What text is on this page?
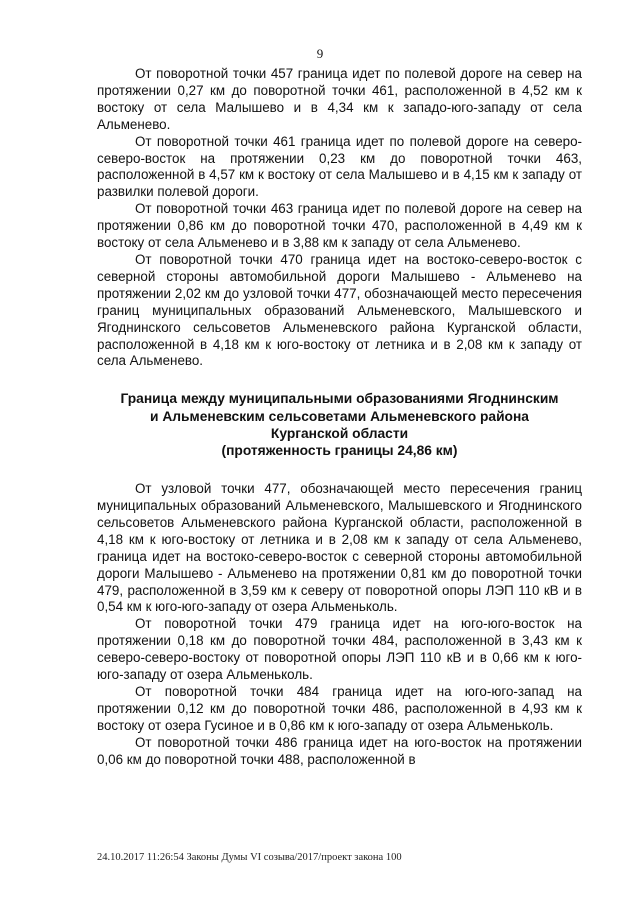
9

От поворотной точки 457 граница идет по полевой дороге на север на протяжении 0,27 км до поворотной точки 461, расположенной в 4,52 км к востоку от села Малышево и в 4,34 км к западо-юго-западу от села Альменево.

От поворотной точки 461 граница идет по полевой дороге на северо-северо-восток на протяжении 0,23 км до поворотной точки 463, расположенной в 4,57 км к востоку от села Малышево и в 4,15 км к западу от развилки полевой дороги.

От поворотной точки 463 граница идет по полевой дороге на север на протяжении 0,86 км до поворотной точки 470, расположенной в 4,49 км к востоку от села Альменево и в 3,88 км к западу от села Альменево.

От поворотной точки 470 граница идет на востоко-северо-восток с северной стороны автомобильной дороги Малышево - Альменево на протяжении 2,02 км до узловой точки 477, обозначающей место пересечения границ муниципальных образований Альменевского, Малышевского и Ягоднинского сельсоветов Альменевского района Курганской области, расположенной в 4,18 км к юго-востоку от летника и в 2,08 км к западу от села Альменево.

Граница между муниципальными образованиями Ягоднинским
и Альменевским сельсоветами Альменевского района
Курганской области
(протяженность границы 24,86 км)

От узловой точки 477, обозначающей место пересечения границ муниципальных образований Альменевского, Малышевского и Ягоднинского сельсоветов Альменевского района Курганской области, расположенной в 4,18 км к юго-востоку от летника и в 2,08 км к западу от села Альменево, граница идет на востоко-северо-восток с северной стороны автомобильной дороги Малышево - Альменево на протяжении 0,81 км до поворотной точки 479, расположенной в 3,59 км к северу от поворотной опоры ЛЭП 110 кВ и в 0,54 км к юго-юго-западу от озера Альменьколь.

От поворотной точки 479 граница идет на юго-юго-восток на протяжении 0,18 км до поворотной точки 484, расположенной в 3,43 км к северо-северо-востоку от поворотной опоры ЛЭП 110 кВ и в 0,66 км к юго-юго-западу от озера Альменьколь.

От поворотной точки 484 граница идет на юго-юго-запад на протяжении 0,12 км до поворотной точки 486, расположенной в 4,93 км к востоку от озера Гусиное и в 0,86 км к юго-западу от озера Альменьколь.

От поворотной точки 486 граница идет на юго-восток на протяжении 0,06 км до поворотной точки 488, расположенной в

24.10.2017 11:26:54 Законы Думы VI созыва/2017/проект закона 100
